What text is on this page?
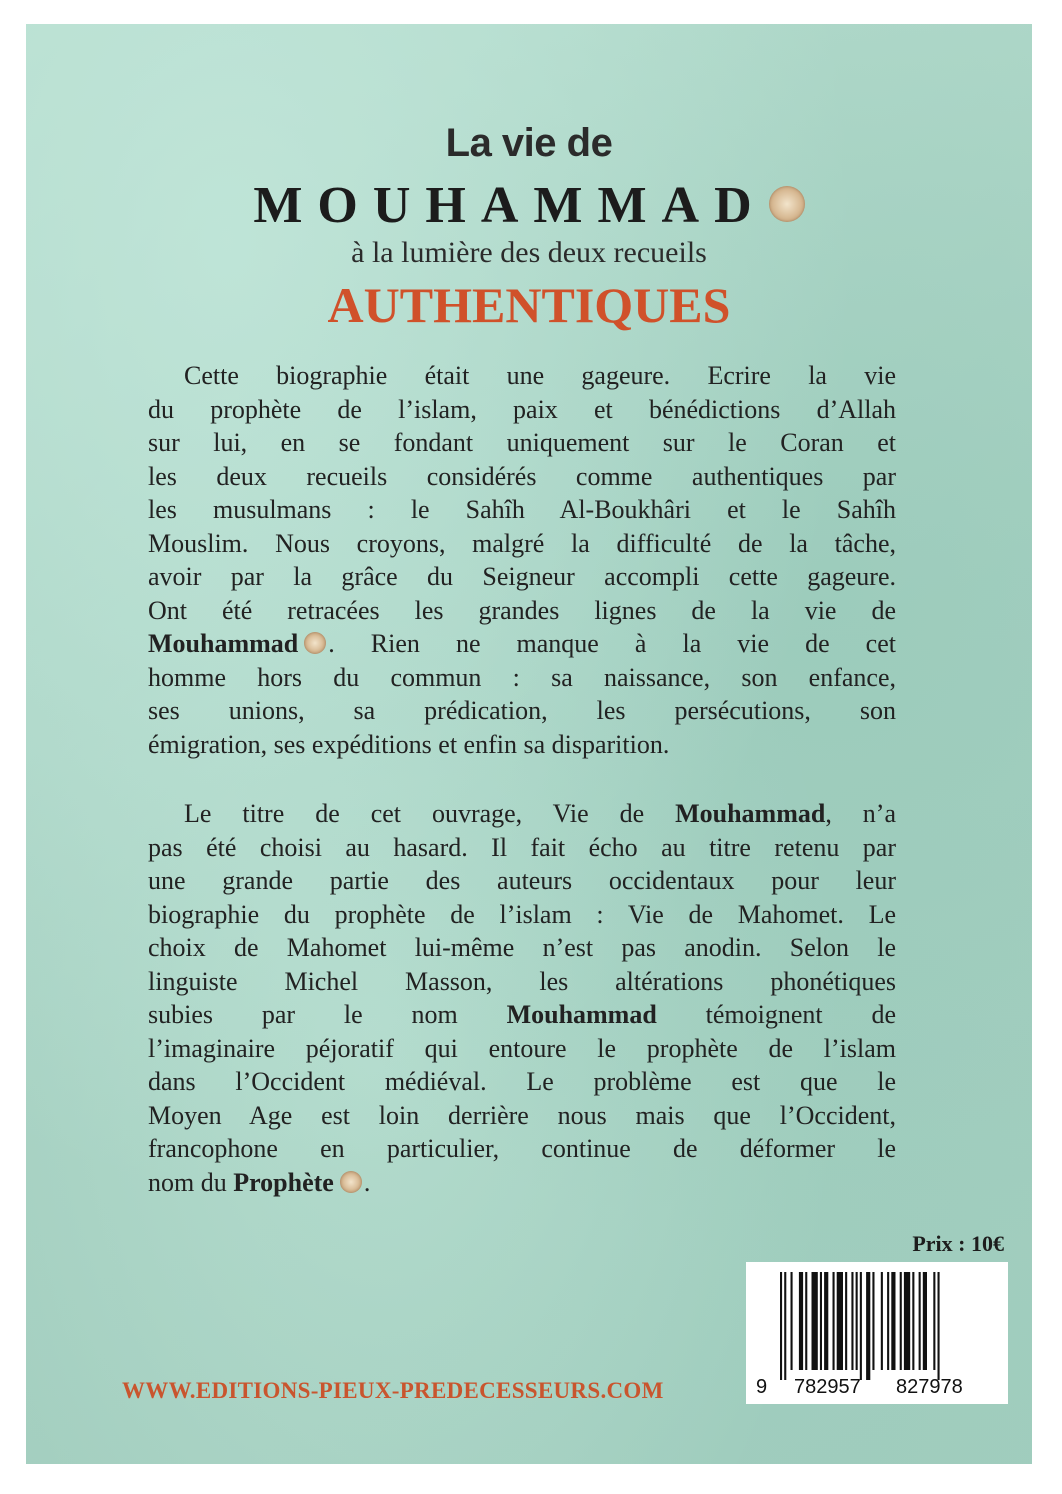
La vie de
MOUHAMMAD
à la lumière des deux recueils
AUTHENTIQUES
Cette biographie était une gageure. Ecrire la vie
du prophète de l’islam, paix et bénédictions d’Allah
sur lui, en se fondant uniquement sur le Coran et
les deux recueils considérés comme authentiques par
les musulmans : le Sahîh Al-Boukhâri et le Sahîh
Mouslim. Nous croyons, malgré la difficulté de la tâche,
avoir par la grâce du Seigneur accompli cette gageure.
Ont été retracées les grandes lignes de la vie de
Mouhammad . Rien ne manque à la vie de cet
homme hors du commun : sa naissance, son enfance,
ses unions, sa prédication, les persécutions, son
émigration, ses expéditions et enfin sa disparition.
Le titre de cet ouvrage, Vie de Mouhammad, n’a
pas été choisi au hasard. Il fait écho au titre retenu par
une grande partie des auteurs occidentaux pour leur
biographie du prophète de l’islam : Vie de Mahomet. Le
choix de Mahomet lui-même n’est pas anodin. Selon le
linguiste Michel Masson, les altérations phonétiques
subies par le nom Mouhammad témoignent de
l’imaginaire péjoratif qui entoure le prophète de l’islam
dans l’Occident médiéval. Le problème est que le
Moyen Age est loin derrière nous mais que l’Occident,
francophone en particulier, continue de déformer le
nom du Prophète .
Prix : 10€
9 782957 827978
WWW.EDITIONS-PIEUX-PREDECESSEURS.COM
